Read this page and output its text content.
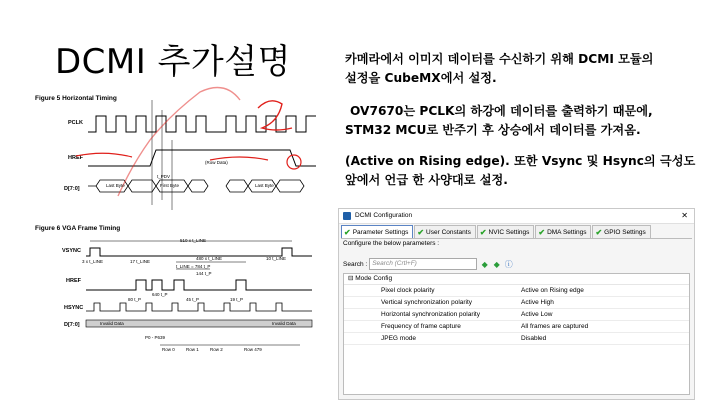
DCMI 추가설명	카메라에서 이미지 데이터를 수신하기 위해 DCMI 모듈의
설정을 CubeMX에서 설정.
OV7670는 PCLK의 하강에 데이터를 출력하기 때문에,
STM32 MCU로 반주기 후 상승에서 데이터를 가져옴.
(Active on Rising edge). 또한 Vsync 및 Hsync의 극성도
앞에서 언급 한 사양대로 설정.
Figure 5 Horizontal Timing
PCLK
HREF
D[7:0]
t_PDV
Last Byte	First Byte
(Row Data)
Last Byte
Figure 6 VGA Frame Timing
VSYNC
HREF
HSYNC
D[7:0]
510 x t_LINE
3 x t_LINE	17 t_LINE
480 x t_LINE
t_LINE = 784 t_P
144 t_P
640 t_P
80 t_P	45 t_P	19 t_P
10 t_LINE
Invalid Data	Invalid Data
P0 - P639
Row 0 Row 1 Row 2	Row 479
DCMI Configuration	✕
✔ Parameter Settings ✔ User Constants ✔ NVIC Settings ✔ DMA Settings ✔ GPIO Settings
Configure the below parameters :
Search : Search (Crtl+F)	◆ ◆ ⓘ
⊟ Mode Config
Pixel clock polarity	Active on Rising edge
Vertical synchronization polarity	Active High
Horizontal synchronization polarity	Active Low
Frequency of frame capture	All frames are captured
JPEG mode	Disabled
